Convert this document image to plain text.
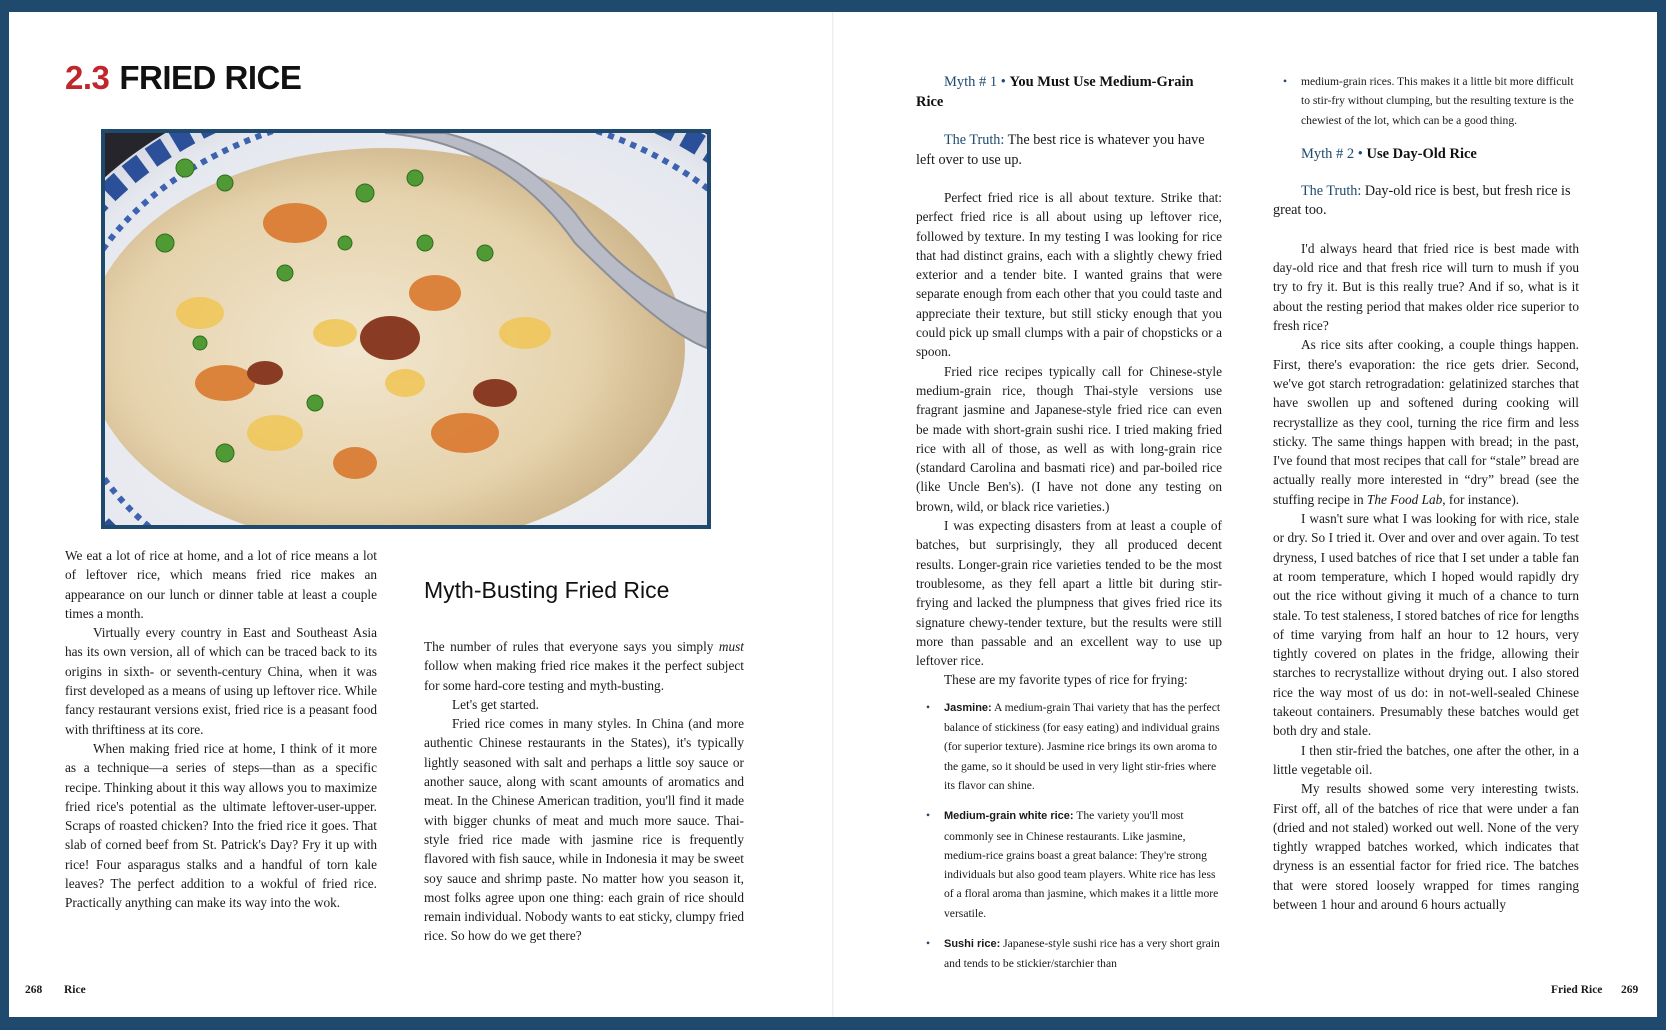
2.3 FRIED RICE

We eat a lot of rice at home, and a lot of rice means a lot of leftover rice, which means fried rice makes an appearance on our lunch or dinner table at least a couple times a month.

Virtually every country in East and Southeast Asia has its own version, all of which can be traced back to its origins in sixth- or seventh-century China, when it was first developed as a means of using up leftover rice. While fancy restaurant versions exist, fried rice is a peasant food with thriftiness at its core.

When making fried rice at home, I think of it more as a technique—a series of steps—than as a specific recipe. Thinking about it this way allows you to maximize fried rice's potential as the ultimate leftover-user-upper. Scraps of roasted chicken? Into the fried rice it goes. That slab of corned beef from St. Patrick's Day? Fry it up with rice! Four asparagus stalks and a handful of torn kale leaves? The perfect addition to a wokful of fried rice. Practically anything can make its way into the wok.

Myth-Busting Fried Rice

The number of rules that everyone says you simply must follow when making fried rice makes it the perfect subject for some hard-core testing and myth-busting.

Let's get started.

Fried rice comes in many styles. In China (and more authentic Chinese restaurants in the States), it's typically lightly seasoned with salt and perhaps a little soy sauce or another sauce, along with scant amounts of aromatics and meat. In the Chinese American tradition, you'll find it made with bigger chunks of meat and much more sauce. Thai-style fried rice made with jasmine rice is frequently flavored with fish sauce, while in Indonesia it may be sweet soy sauce and shrimp paste. No matter how you season it, most folks agree upon one thing: each grain of rice should remain individual. Nobody wants to eat sticky, clumpy fried rice. So how do we get there?

Myth # 1 • You Must Use Medium-Grain Rice

The Truth: The best rice is whatever you have left over to use up.

Perfect fried rice is all about texture. Strike that: perfect fried rice is all about using up leftover rice, followed by texture. In my testing I was looking for rice that had distinct grains, each with a slightly chewy fried exterior and a tender bite. I wanted grains that were separate enough from each other that you could taste and appreciate their texture, but still sticky enough that you could pick up small clumps with a pair of chopsticks or a spoon.

Fried rice recipes typically call for Chinese-style medium-grain rice, though Thai-style versions use fragrant jasmine and Japanese-style fried rice can even be made with short-grain sushi rice. I tried making fried rice with all of those, as well as with long-grain rice (standard Carolina and basmati rice) and par-boiled rice (like Uncle Ben's). (I have not done any testing on brown, wild, or black rice varieties.)

I was expecting disasters from at least a couple of batches, but surprisingly, they all produced decent results. Longer-grain rice varieties tended to be the most troublesome, as they fell apart a little bit during stir-frying and lacked the plumpness that gives fried rice its signature chewy-tender texture, but the results were still more than passable and an excellent way to use up leftover rice.

These are my favorite types of rice for frying:

• Jasmine: A medium-grain Thai variety that has the perfect balance of stickiness (for easy eating) and individual grains (for superior texture). Jasmine rice brings its own aroma to the game, so it should be used in very light stir-fries where its flavor can shine.
• Medium-grain white rice: The variety you'll most commonly see in Chinese restaurants. Like jasmine, medium-rice grains boast a great balance: They're strong individuals but also good team players. White rice has less of a floral aroma than jasmine, which makes it a little more versatile.
• Sushi rice: Japanese-style sushi rice has a very short grain and tends to be stickier/starchier than
• medium-grain rices. This makes it a little bit more difficult to stir-fry without clumping, but the resulting texture is the chewiest of the lot, which can be a good thing.

Myth # 2 • Use Day-Old Rice

The Truth: Day-old rice is best, but fresh rice is great too.

I'd always heard that fried rice is best made with day-old rice and that fresh rice will turn to mush if you try to fry it. But is this really true? And if so, what is it about the resting period that makes older rice superior to fresh rice?

As rice sits after cooking, a couple things happen. First, there's evaporation: the rice gets drier. Second, we've got starch retrogradation: gelatinized starches that have swollen up and softened during cooking will recrystallize as they cool, turning the rice firm and less sticky. The same things happen with bread; in the past, I've found that most recipes that call for “stale” bread are actually really more interested in “dry” bread (see the stuffing recipe in The Food Lab, for instance).

I wasn't sure what I was looking for with rice, stale or dry. So I tried it. Over and over and over again. To test dryness, I used batches of rice that I set under a table fan at room temperature, which I hoped would rapidly dry out the rice without giving it much of a chance to turn stale. To test staleness, I stored batches of rice for lengths of time varying from half an hour to 12 hours, very tightly covered on plates in the fridge, allowing their starches to recrystallize without drying out. I also stored rice the way most of us do: in not-well-sealed Chinese takeout containers. Presumably these batches would get both dry and stale.

I then stir-fried the batches, one after the other, in a little vegetable oil.

My results showed some very interesting twists. First off, all of the batches of rice that were under a fan (dried and not staled) worked out well. None of the very tightly wrapped batches worked, which indicates that dryness is an essential factor for fried rice. The batches that were stored loosely wrapped for times ranging between 1 hour and around 6 hours actually

268 Rice	Fried Rice 269
